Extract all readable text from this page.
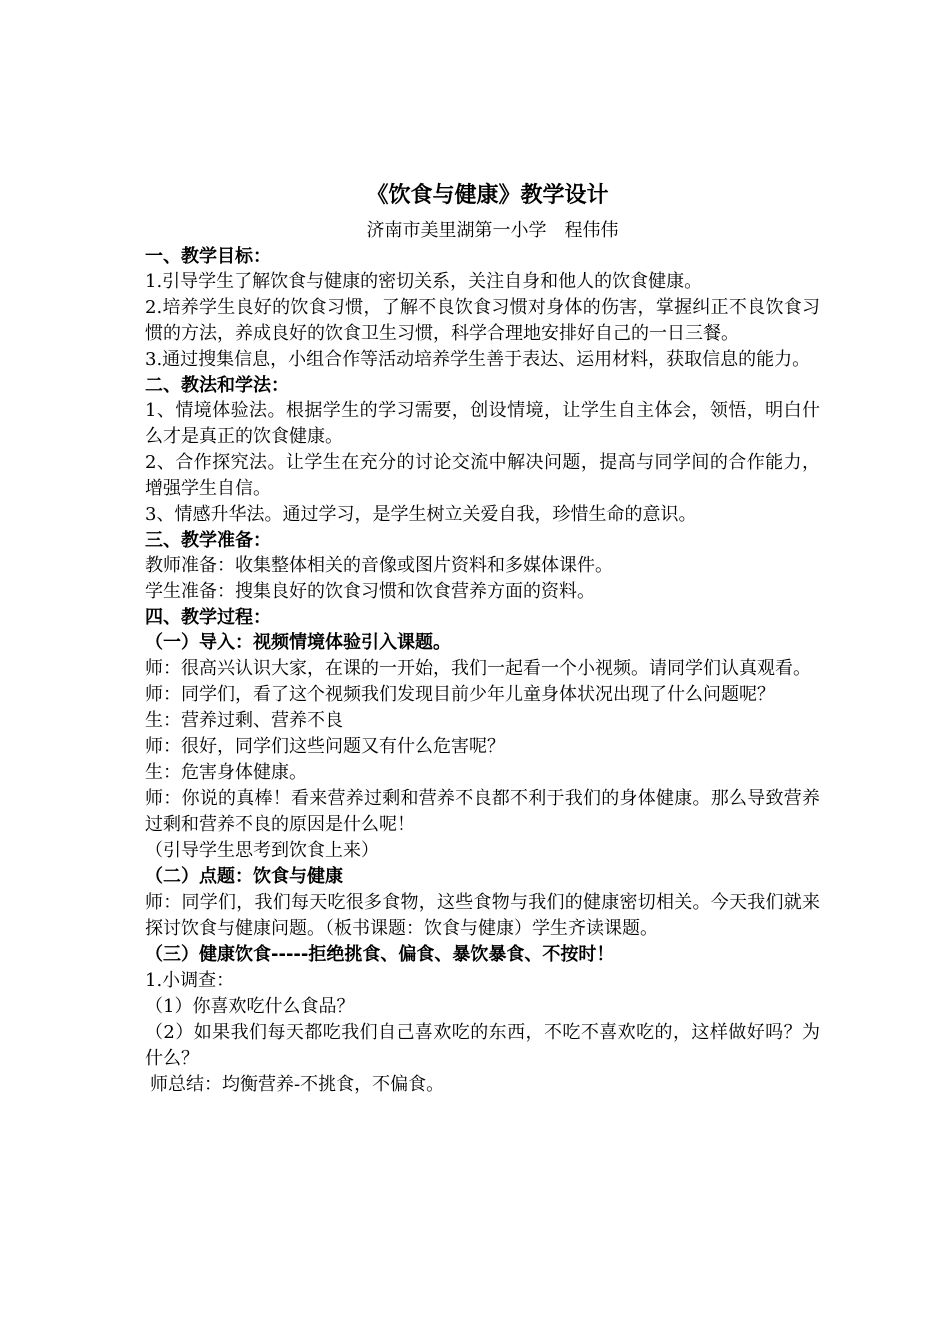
《饮食与健康》教学设计

济南市美里湖第一小学　程伟伟

一、教学目标：

1.引导学生了解饮食与健康的密切关系，关注自身和他人的饮食健康。

2.培养学生良好的饮食习惯，了解不良饮食习惯对身体的伤害，掌握纠正不良饮食习惯的方法，养成良好的饮食卫生习惯，科学合理地安排好自己的一日三餐。

3.通过搜集信息，小组合作等活动培养学生善于表达、运用材料，获取信息的能力。

二、教法和学法：

1、情境体验法。根据学生的学习需要，创设情境，让学生自主体会，领悟，明白什么才是真正的饮食健康。

2、合作探究法。让学生在充分的讨论交流中解决问题，提高与同学间的合作能力，增强学生自信。

3、情感升华法。通过学习，是学生树立关爱自我，珍惜生命的意识。

三、教学准备：

教师准备：收集整体相关的音像或图片资料和多媒体课件。

学生准备：搜集良好的饮食习惯和饮食营养方面的资料。

四、教学过程：

（一）导入：视频情境体验引入课题。

师：很高兴认识大家，在课的一开始，我们一起看一个小视频。请同学们认真观看。

师：同学们，看了这个视频我们发现目前少年儿童身体状况出现了什么问题呢？

生：营养过剩、营养不良

师：很好，同学们这些问题又有什么危害呢？

生：危害身体健康。

师：你说的真棒！看来营养过剩和营养不良都不利于我们的身体健康。那么导致营养过剩和营养不良的原因是什么呢！

（引导学生思考到饮食上来）

（二）点题：饮食与健康

师：同学们，我们每天吃很多食物，这些食物与我们的健康密切相关。今天我们就来探讨饮食与健康问题。（板书课题：饮食与健康）学生齐读课题。

（三）健康饮食-----拒绝挑食、偏食、暴饮暴食、不按时！

1.小调查：

（1）你喜欢吃什么食品？

（2）如果我们每天都吃我们自己喜欢吃的东西，不吃不喜欢吃的，这样做好吗？为什么？

师总结：均衡营养-不挑食，不偏食。
